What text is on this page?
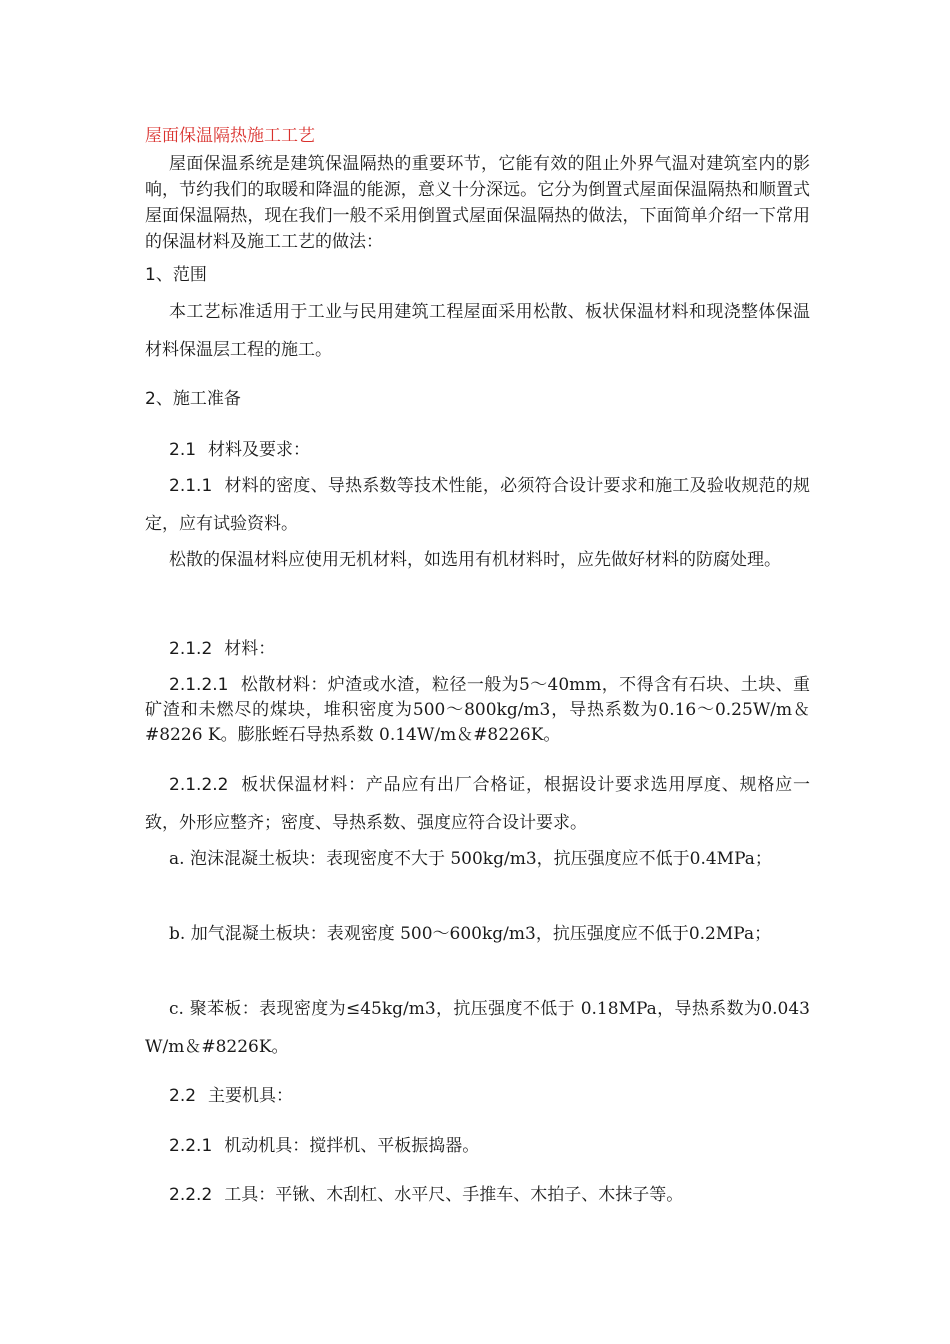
屋面保温隔热施工工艺

屋面保温系统是建筑保温隔热的重要环节，它能有效的阻止外界气温对建筑室内的影响，节约我们的取暖和降温的能源，意义十分深远。它分为倒置式屋面保温隔热和顺置式屋面保温隔热，现在我们一般不采用倒置式屋面保温隔热的做法，下面简单介绍一下常用的保温材料及施工工艺的做法：

1、范围

本工艺标准适用于工业与民用建筑工程屋面采用松散、板状保温材料和现浇整体保温材料保温层工程的施工。

2、施工准备

2.1 材料及要求：

2.1.1 材料的密度、导热系数等技术性能，必须符合设计要求和施工及验收规范的规定，应有试验资料。

松散的保温材料应使用无机材料，如选用有机材料时，应先做好材料的防腐处理。

2.1.2 材料：

2.1.2.1 松散材料：炉渣或水渣，粒径一般为5～40mm，不得含有石块、土块、重矿渣和未燃尽的煤块，堆积密度为500～800kg/m3，导热系数为0.16～0.25W/m＆#8226 K。膨胀蛭石导热系数 0.14W/m＆#8226K。

2.1.2.2 板状保温材料：产品应有出厂合格证，根据设计要求选用厚度、规格应一致，外形应整齐；密度、导热系数、强度应符合设计要求。

a. 泡沫混凝土板块：表现密度不大于 500kg/m3，抗压强度应不低于0.4MPa；

b. 加气混凝土板块：表观密度 500～600kg/m3，抗压强度应不低于0.2MPa；

c. 聚苯板：表现密度为≤45kg/m3，抗压强度不低于 0.18MPa，导热系数为0.043 W/m＆#8226K。

2.2 主要机具：

2.2.1 机动机具：搅拌机、平板振捣器。

2.2.2 工具：平锹、木刮杠、水平尺、手推车、木拍子、木抹子等。
